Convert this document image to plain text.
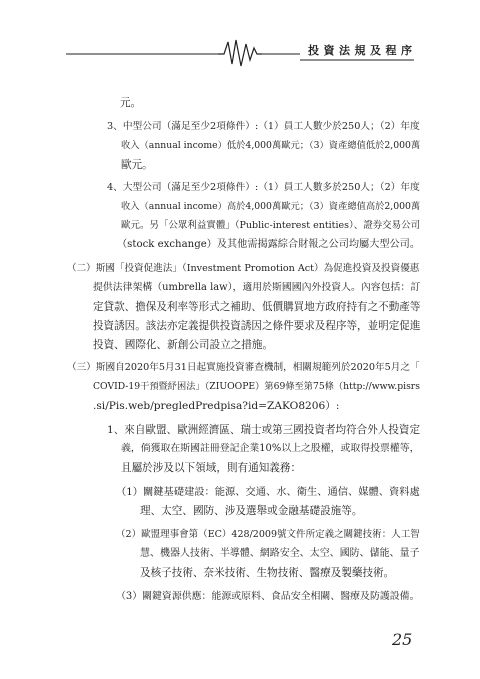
投資法規及程序
元。
3、中型公司（滿足至少2項條件）:（1）員工人數少於250人；（2）年度
收入（annual income）低於4,000萬歐元；（3）資產總值低於2,000萬
歐元。
4、大型公司（滿足至少2項條件）:（1）員工人數多於250人；（2）年度
收入（annual income）高於4,000萬歐元；（3）資產總值高於2,000萬
歐元。另「公眾利益實體」（Public-interest entities）、證券交易公司
（stock exchange）及其他需揭露綜合財報之公司均屬大型公司。
（二）斯國「投資促進法」（Investment Promotion Act）為促進投資及投資優惠
提供法律架構（umbrella law），適用於斯國國內外投資人。內容包括：訂
定貸款、擔保及利率等形式之補助、低價購買地方政府持有之不動產等
投資誘因。該法亦定義提供投資誘因之條件要求及程序等，並明定促進
投資、國際化、新創公司設立之措施。
（三）斯國自2020年5月31日起實施投資審查機制，相關規範列於2020年5月之「
COVID-19干預暨紓困法」（ZIUOOPE）第69條至第75條（http://www.pisrs
.si/Pis.web/pregledPredpisa?id=ZAKO8206）:
1、來自歐盟、歐洲經濟區、瑞士或第三國投資者均符合外人投資定
義，倘獲取在斯國註冊登記企業10%以上之股權，或取得投票權等，
且屬於涉及以下領域，則有通知義務：
（1）關鍵基礎建設：能源、交通、水、衛生、通信、媒體、資料處
理、太空、國防、涉及選舉或金融基礎設施等。
（2）歐盟理事會第（EC）428/2009號文件所定義之關鍵技術：人工智
慧、機器人技術、半導體、網路安全、太空、國防、儲能、量子
及核子技術、奈米技術、生物技術、醫療及製藥技術。
（3）關鍵資源供應：能源或原料、食品安全相關、醫療及防護設備。
25
